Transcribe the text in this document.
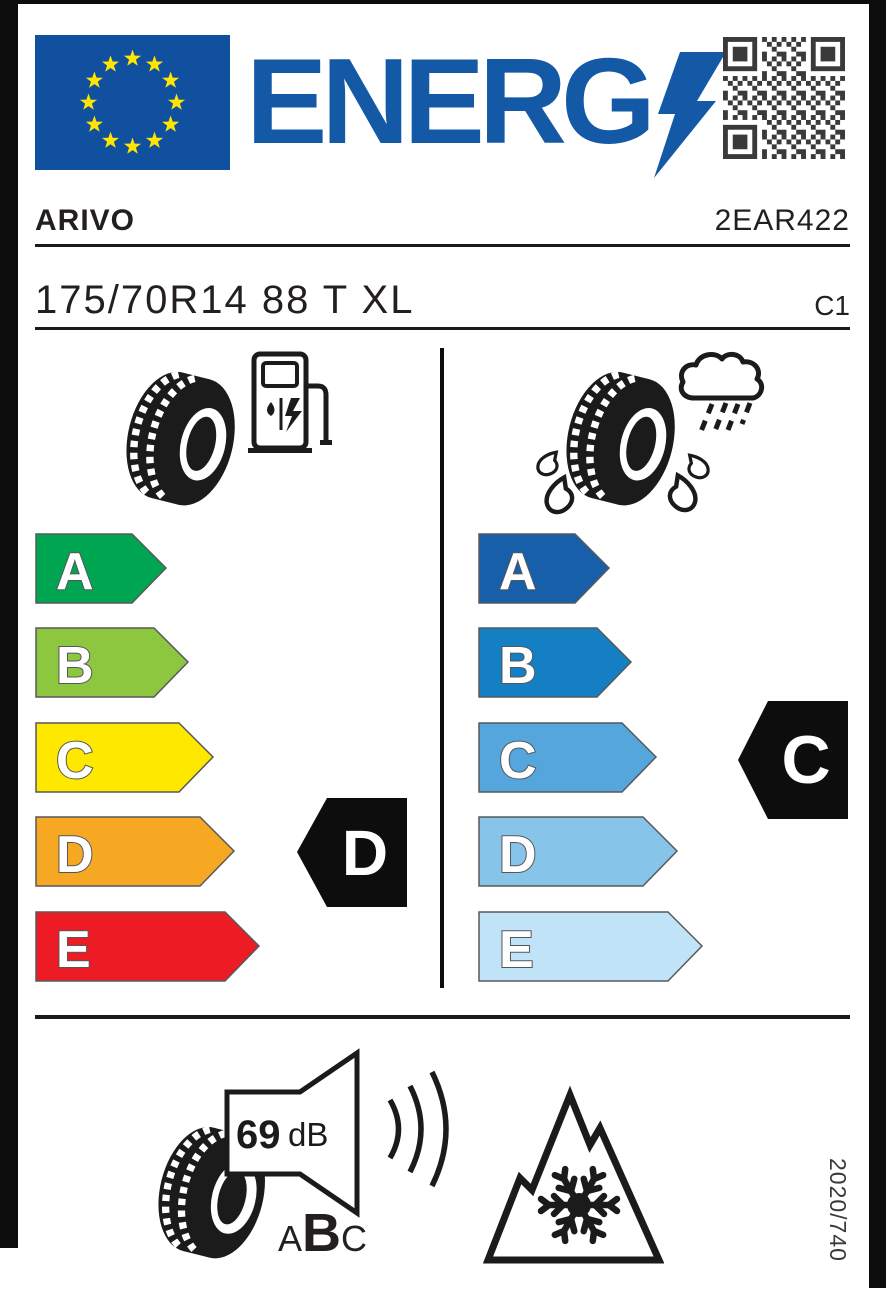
ENERG
ARIVO	2EAR422
175/70R14 88 T XL	C1
A
B
C
D
E
D
A
B
C
D
E
C
69 dB
A B C	2020/740
